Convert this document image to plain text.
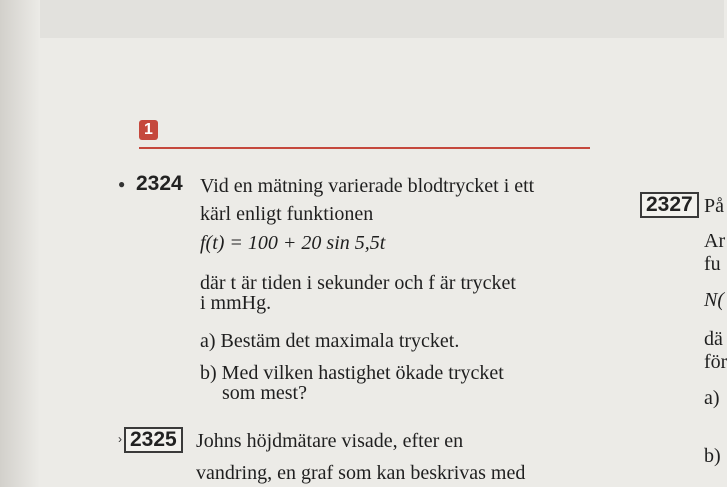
1
● 2324 Vid en mätning varierade blodtrycket i ett
kärl enligt funktionen
f(t) = 100 + 20 sin 5,5t
där t är tiden i sekunder och f är trycket
i mmHg.
a) Bestäm det maximala trycket.
b) Med vilken hastighet ökade trycket
som mest?
› 2325 Johns höjdmätare visade, efter en
vandring, en graf som kan beskrivas med
2327 På
Ar
fu
N(
dä
för
a)
b)
